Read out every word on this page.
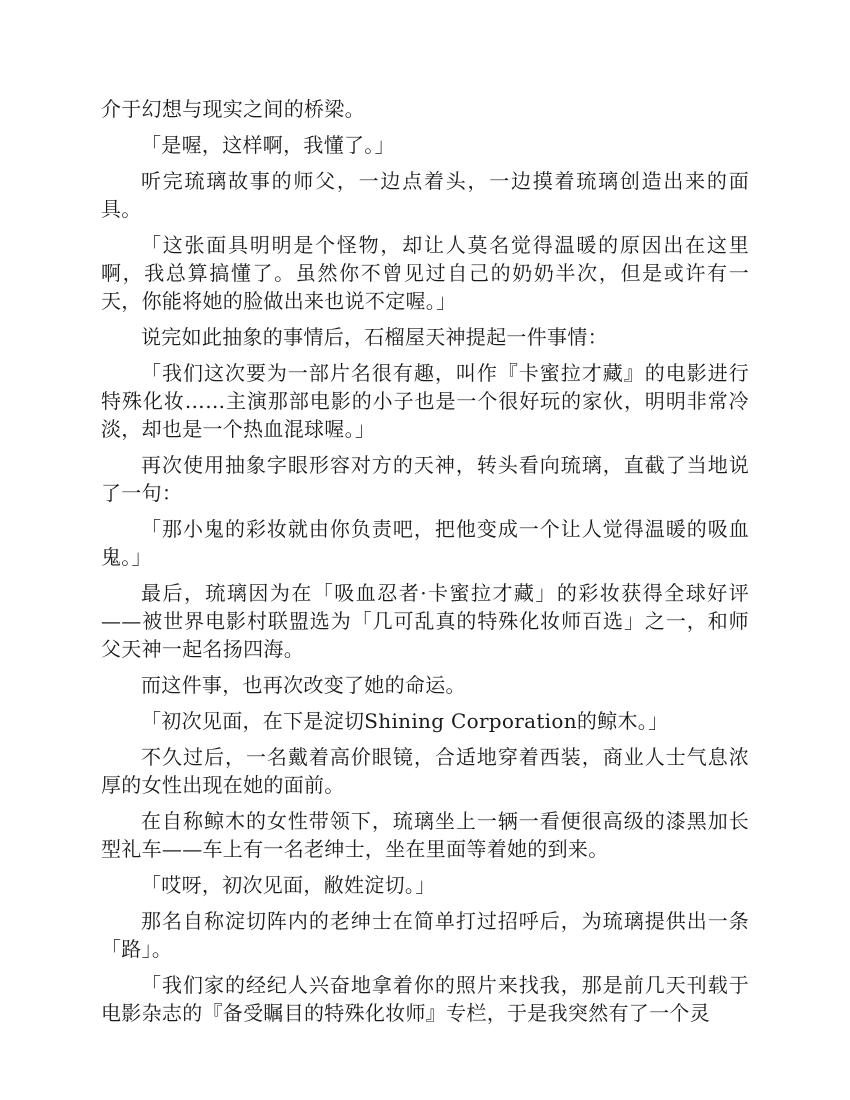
介于幻想与现实之间的桥梁。

「是喔，这样啊，我懂了。」

听完琉璃故事的师父，一边点着头，一边摸着琉璃创造出来的面具。

「这张面具明明是个怪物，却让人莫名觉得温暖的原因出在这里啊，我总算搞懂了。虽然你不曾见过自己的奶奶半次，但是或许有一天，你能将她的脸做出来也说不定喔。」

说完如此抽象的事情后，石榴屋天神提起一件事情：

「我们这次要为一部片名很有趣，叫作『卡蜜拉才藏』的电影进行特殊化妆……主演那部电影的小子也是一个很好玩的家伙，明明非常冷淡，却也是一个热血混球喔。」

再次使用抽象字眼形容对方的天神，转头看向琉璃，直截了当地说了一句：

「那小鬼的彩妆就由你负责吧，把他变成一个让人觉得温暖的吸血鬼。」

最后，琉璃因为在「吸血忍者·卡蜜拉才藏」的彩妆获得全球好评——被世界电影村联盟选为「几可乱真的特殊化妆师百选」之一，和师父天神一起名扬四海。

而这件事，也再次改变了她的命运。

「初次见面，在下是淀切Shining Corporation的鲸木。」

不久过后，一名戴着高价眼镜，合适地穿着西装，商业人士气息浓厚的女性出现在她的面前。

在自称鲸木的女性带领下，琉璃坐上一辆一看便很高级的漆黑加长型礼车——车上有一名老绅士，坐在里面等着她的到来。

「哎呀，初次见面，敝姓淀切。」

那名自称淀切阵内的老绅士在简单打过招呼后，为琉璃提供出一条「路」。

「我们家的经纪人兴奋地拿着你的照片来找我，那是前几天刊载于电影杂志的『备受瞩目的特殊化妆师』专栏，于是我突然有了一个灵
